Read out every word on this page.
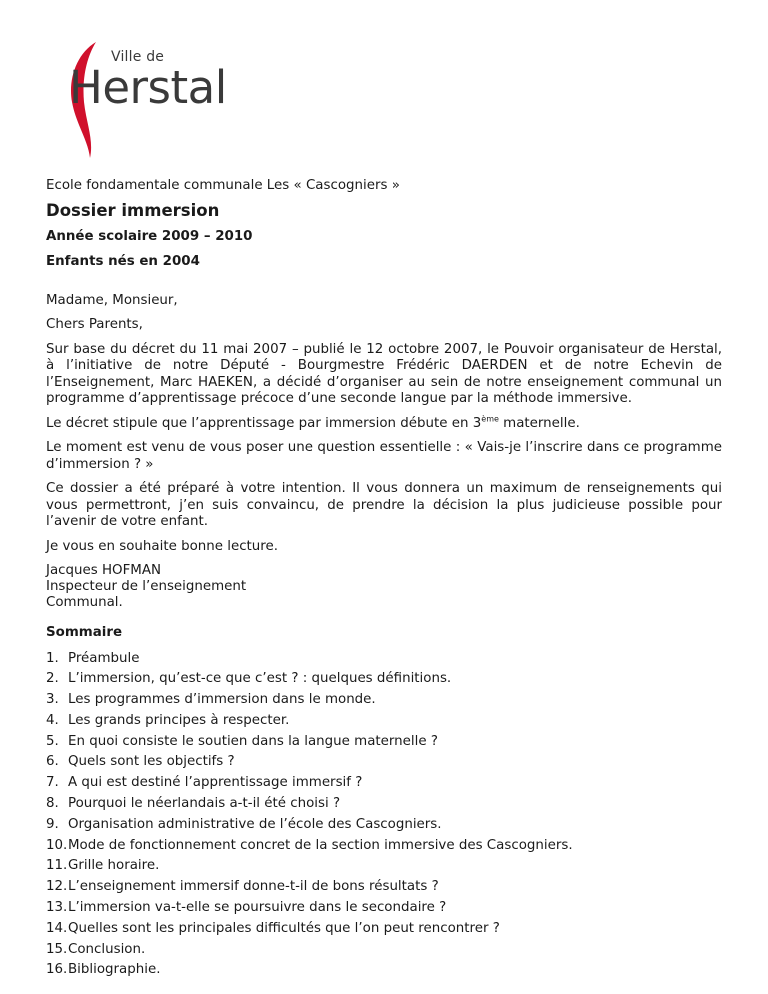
Ville de
Herstal

Ecole fondamentale communale Les « Cascogniers »

Dossier immersion

Année scolaire 2009 – 2010

Enfants nés en 2004

Madame, Monsieur,

Chers Parents,

Sur base du décret du 11 mai 2007 – publié le 12 octobre 2007, le Pouvoir organisateur de Herstal, à l’initiative de notre Député - Bourgmestre Frédéric DAERDEN et de notre Echevin de l’Enseignement, Marc HAEKEN, a décidé d’organiser au sein de notre enseignement communal un programme d’apprentissage précoce d’une seconde langue par la méthode immersive.

Le décret stipule que l’apprentissage par immersion débute en 3ème maternelle.

Le moment est venu de vous poser une question essentielle : « Vais-je l’inscrire dans ce programme d’immersion ? »

Ce dossier a été préparé à votre intention. Il vous donnera un maximum de renseignements qui vous permettront, j’en suis convaincu, de prendre la décision la plus judicieuse possible pour l’avenir de votre enfant.

Je vous en souhaite bonne lecture.

Jacques HOFMAN
Inspecteur de l’enseignement
Communal.

Sommaire

1. Préambule
2. L’immersion, qu’est-ce que c’est ? : quelques définitions.
3. Les programmes d’immersion dans le monde.
4. Les grands principes à respecter.
5. En quoi consiste le soutien dans la langue maternelle ?
6. Quels sont les objectifs ?
7. A qui est destiné l’apprentissage immersif ?
8. Pourquoi le néerlandais a-t-il été choisi ?
9. Organisation administrative de l’école des Cascogniers.
10. Mode de fonctionnement concret de la section immersive des Cascogniers.
11. Grille horaire.
12. L’enseignement immersif donne-t-il de bons résultats ?
13. L’immersion va-t-elle se poursuivre dans le secondaire ?
14. Quelles sont les principales difficultés que l’on peut rencontrer ?
15. Conclusion.
16. Bibliographie.
